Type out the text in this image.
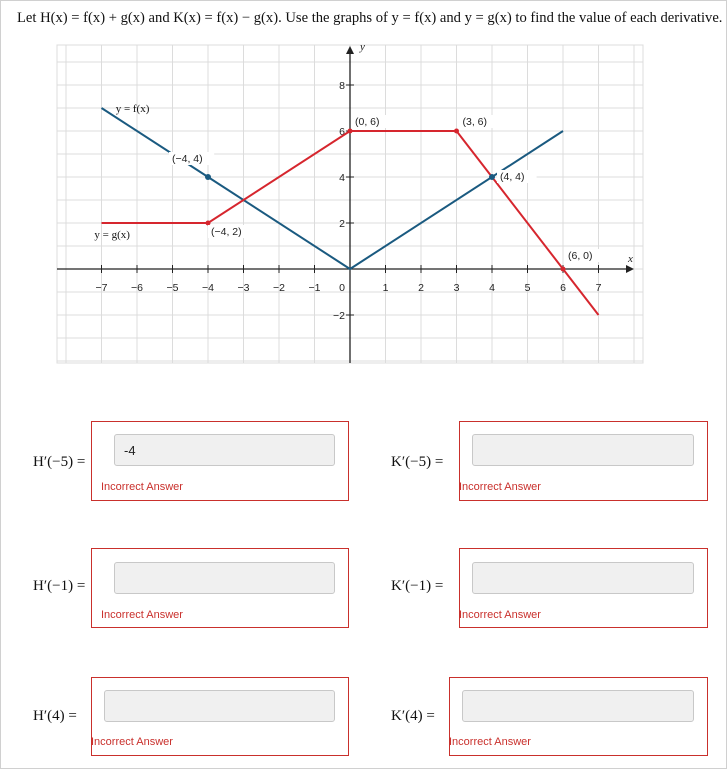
Let H(x) = f(x) + g(x) and K(x) = f(x) − g(x). Use the graphs of y = f(x) and y = g(x) to find the value of each derivative.
−7 −6 −5 −4 −3 −2 −1 0	1	2	3	4	5	6	7
8
6
4
2
−2
x
y
(−4, 4)
(−4, 2)
(0, 6)	(3, 6)
(4, 4)
(6, 0)
y = f(x)
y = g(x)
H′(−5) =
-4
Incorrect Answer
K′(−5) =
Incorrect Answer
H′(−1) =
Incorrect Answer
K′(−1) =
Incorrect Answer
H′(4) =
Incorrect Answer
K′(4) =
Incorrect Answer
